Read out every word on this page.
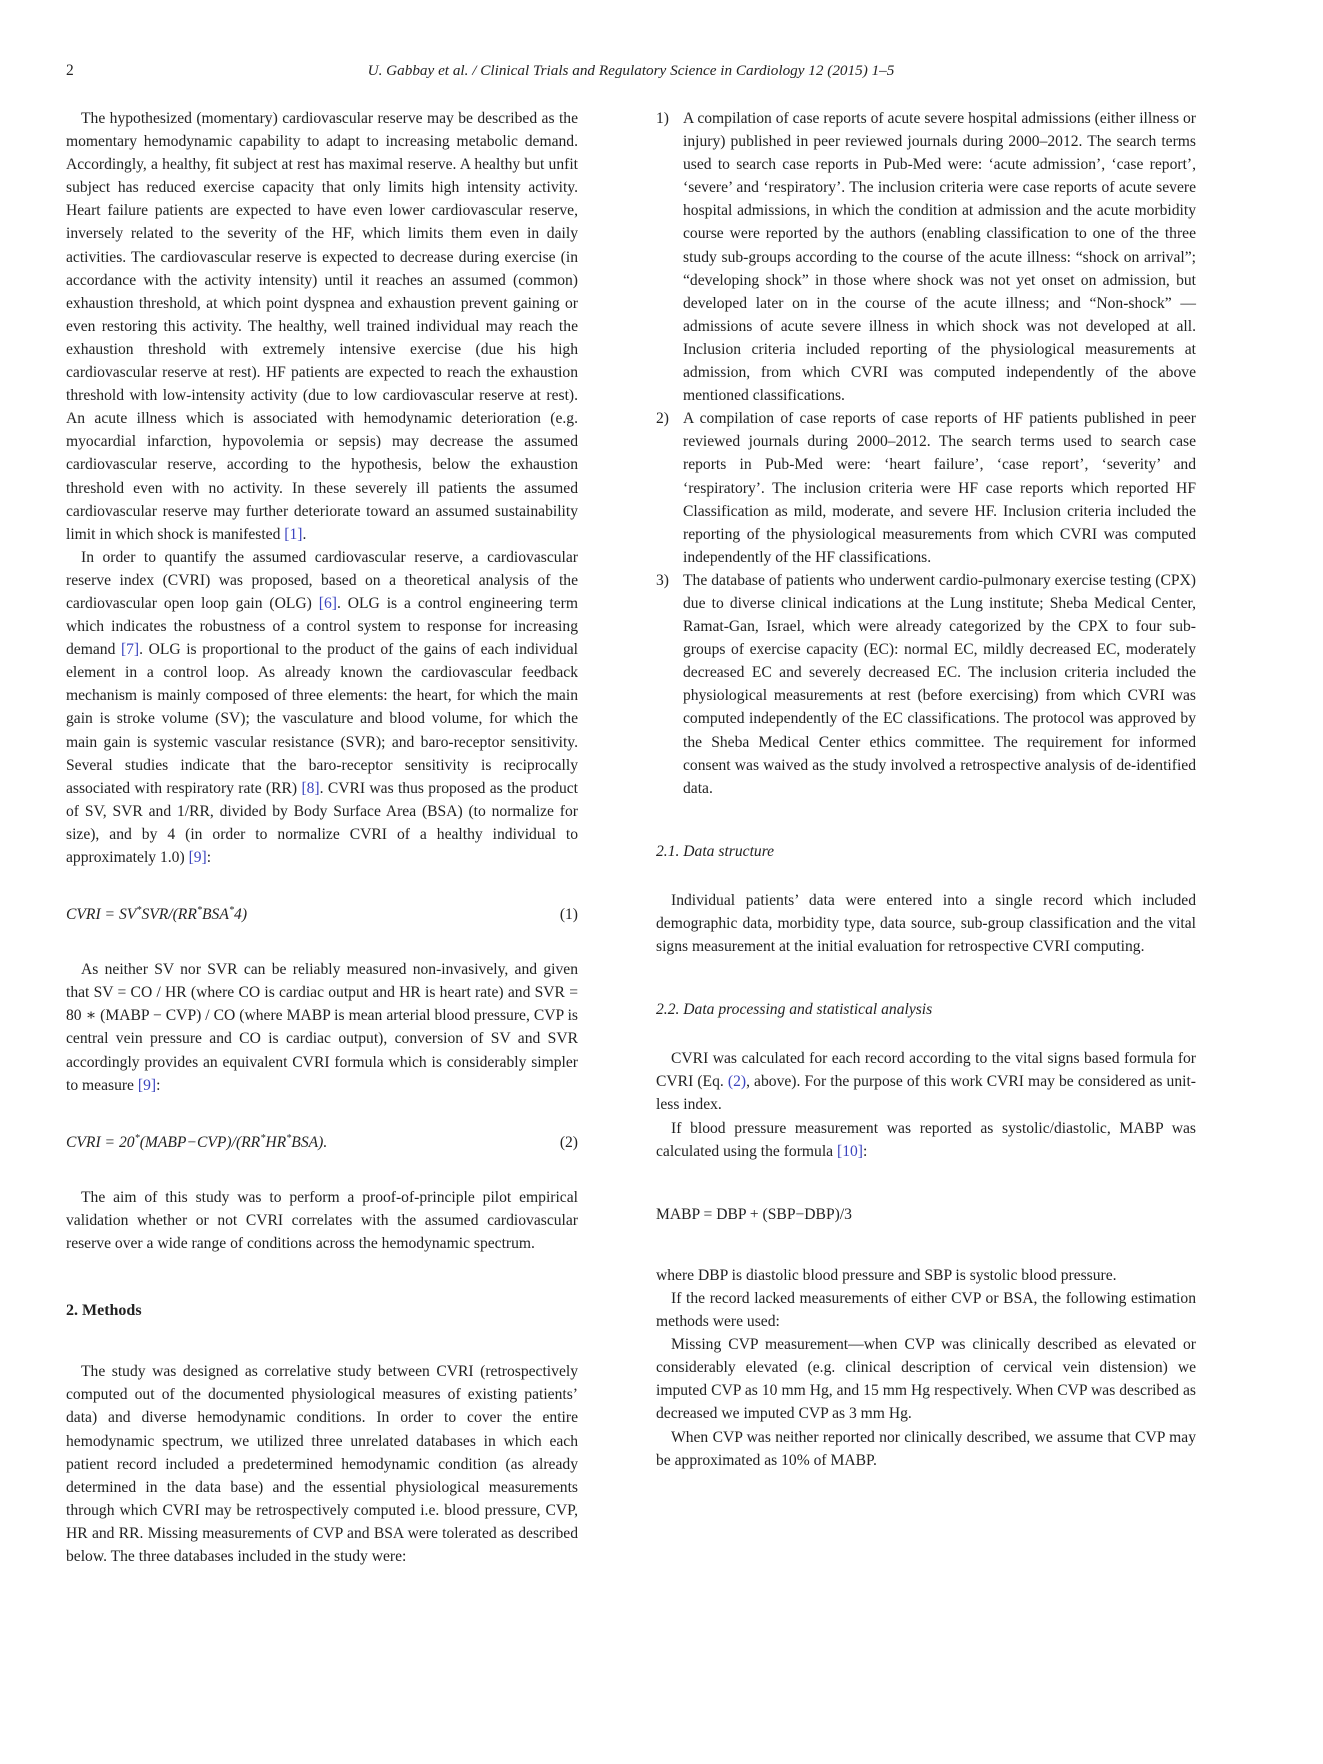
2	U. Gabbay et al. / Clinical Trials and Regulatory Science in Cardiology 12 (2015) 1–5

The hypothesized (momentary) cardiovascular reserve may be described as the momentary hemodynamic capability to adapt to increasing metabolic demand. Accordingly, a healthy, fit subject at rest has maximal reserve. A healthy but unfit subject has reduced exercise capacity that only limits high intensity activity. Heart failure patients are expected to have even lower cardiovascular reserve, inversely related to the severity of the HF, which limits them even in daily activities. The cardiovascular reserve is expected to decrease during exercise (in accordance with the activity intensity) until it reaches an assumed (common) exhaustion threshold, at which point dyspnea and exhaustion prevent gaining or even restoring this activity. The healthy, well trained individual may reach the exhaustion threshold with extremely intensive exercise (due his high cardiovascular reserve at rest). HF patients are expected to reach the exhaustion threshold with low-intensity activity (due to low cardiovascular reserve at rest). An acute illness which is associated with hemodynamic deterioration (e.g. myocardial infarction, hypovolemia or sepsis) may decrease the assumed cardiovascular reserve, according to the hypothesis, below the exhaustion threshold even with no activity. In these severely ill patients the assumed cardiovascular reserve may further deteriorate toward an assumed sustainability limit in which shock is manifested [1].

In order to quantify the assumed cardiovascular reserve, a cardiovascular reserve index (CVRI) was proposed, based on a theoretical analysis of the cardiovascular open loop gain (OLG) [6]. OLG is a control engineering term which indicates the robustness of a control system to response for increasing demand [7]. OLG is proportional to the product of the gains of each individual element in a control loop. As already known the cardiovascular feedback mechanism is mainly composed of three elements: the heart, for which the main gain is stroke volume (SV); the vasculature and blood volume, for which the main gain is systemic vascular resistance (SVR); and baro-receptor sensitivity. Several studies indicate that the baro-receptor sensitivity is reciprocally associated with respiratory rate (RR) [8]. CVRI was thus proposed as the product of SV, SVR and 1/RR, divided by Body Surface Area (BSA) (to normalize for size), and by 4 (in order to normalize CVRI of a healthy individual to approximately 1.0) [9]:

CVRI = SV*SVR/(RR*BSA*4)	(1)

As neither SV nor SVR can be reliably measured non-invasively, and given that SV = CO / HR (where CO is cardiac output and HR is heart rate) and SVR = 80 ∗ (MABP − CVP) / CO (where MABP is mean arterial blood pressure, CVP is central vein pressure and CO is cardiac output), conversion of SV and SVR accordingly provides an equivalent CVRI formula which is considerably simpler to measure [9]:

CVRI = 20*(MABP−CVP)/(RR*HR*BSA).	(2)

The aim of this study was to perform a proof-of-principle pilot empirical validation whether or not CVRI correlates with the assumed cardiovascular reserve over a wide range of conditions across the hemodynamic spectrum.

2. Methods

The study was designed as correlative study between CVRI (retrospectively computed out of the documented physiological measures of existing patients’ data) and diverse hemodynamic conditions. In order to cover the entire hemodynamic spectrum, we utilized three unrelated databases in which each patient record included a predetermined hemodynamic condition (as already determined in the data base) and the essential physiological measurements through which CVRI may be retrospectively computed i.e. blood pressure, CVP, HR and RR. Missing measurements of CVP and BSA were tolerated as described below. The three databases included in the study were:

1) A compilation of case reports of acute severe hospital admissions (either illness or injury) published in peer reviewed journals during 2000–2012. The search terms used to search case reports in Pub-Med were: ‘acute admission’, ‘case report’, ‘severe’ and ‘respiratory’. The inclusion criteria were case reports of acute severe hospital admissions, in which the condition at admission and the acute morbidity course were reported by the authors (enabling classification to one of the three study sub-groups according to the course of the acute illness: “shock on arrival”; “developing shock” in those where shock was not yet onset on admission, but developed later on in the course of the acute illness; and “Non-shock” — admissions of acute severe illness in which shock was not developed at all. Inclusion criteria included reporting of the physiological measurements at admission, from which CVRI was computed independently of the above mentioned classifications.
2) A compilation of case reports of case reports of HF patients published in peer reviewed journals during 2000–2012. The search terms used to search case reports in Pub-Med were: ‘heart failure’, ‘case report’, ‘severity’ and ‘respiratory’. The inclusion criteria were HF case reports which reported HF Classification as mild, moderate, and severe HF. Inclusion criteria included the reporting of the physiological measurements from which CVRI was computed independently of the HF classifications.
3) The database of patients who underwent cardio-pulmonary exercise testing (CPX) due to diverse clinical indications at the Lung institute; Sheba Medical Center, Ramat-Gan, Israel, which were already categorized by the CPX to four sub-groups of exercise capacity (EC): normal EC, mildly decreased EC, moderately decreased EC and severely decreased EC. The inclusion criteria included the physiological measurements at rest (before exercising) from which CVRI was computed independently of the EC classifications. The protocol was approved by the Sheba Medical Center ethics committee. The requirement for informed consent was waived as the study involved a retrospective analysis of de-identified data.
2.1. Data structure

Individual patients’ data were entered into a single record which included demographic data, morbidity type, data source, sub-group classification and the vital signs measurement at the initial evaluation for retrospective CVRI computing.

2.2. Data processing and statistical analysis

CVRI was calculated for each record according to the vital signs based formula for CVRI (Eq. (2), above). For the purpose of this work CVRI may be considered as unit-less index.

If blood pressure measurement was reported as systolic/diastolic, MABP was calculated using the formula [10]:

MABP = DBP + (SBP−DBP)/3

where DBP is diastolic blood pressure and SBP is systolic blood pressure.

If the record lacked measurements of either CVP or BSA, the following estimation methods were used:

Missing CVP measurement—when CVP was clinically described as elevated or considerably elevated (e.g. clinical description of cervical vein distension) we imputed CVP as 10 mm Hg, and 15 mm Hg respectively. When CVP was described as decreased we imputed CVP as 3 mm Hg.

When CVP was neither reported nor clinically described, we assume that CVP may be approximated as 10% of MABP.
